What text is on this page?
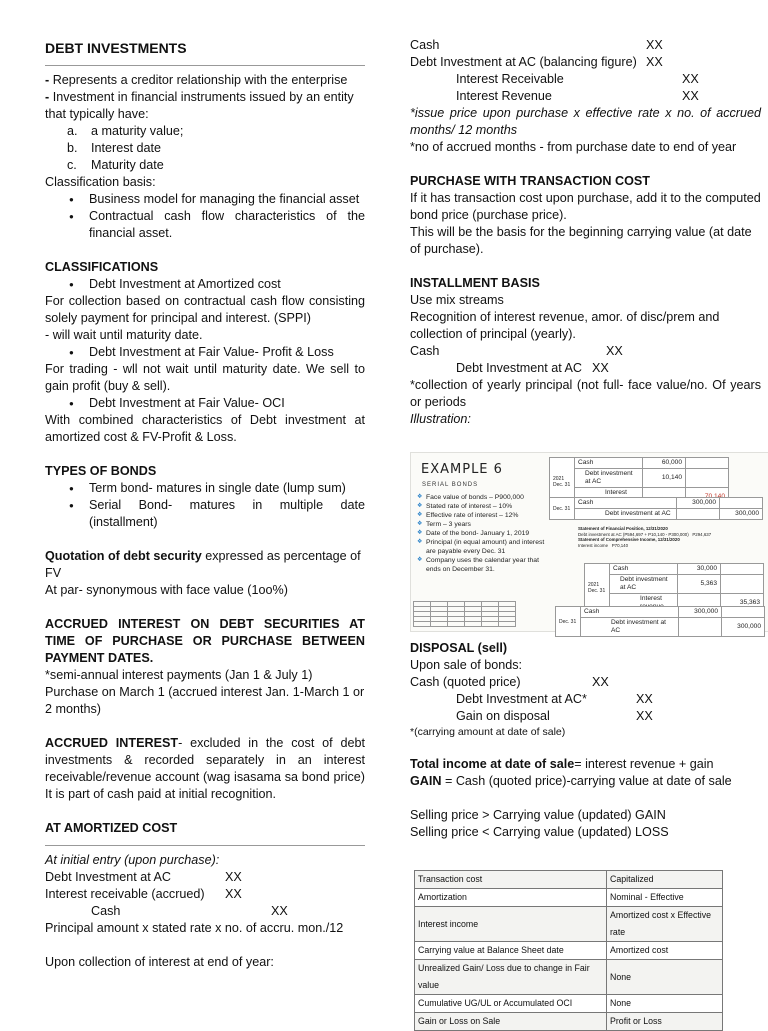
DEBT INVESTMENTS

- Represents a creditor relationship with the enterprise

- Investment in financial instruments issued by an entity that typically have:

a. a maturity value;
b. Interest date
c. Maturity date

Classification basis:

● Business model for managing the financial asset
● Contractual cash flow characteristics of the financial asset.

CLASSIFICATIONS

● Debt Investment at Amortized cost

For collection based on contractual cash flow consisting solely payment for principal and interest. (SPPI)

- will wait until maturity date.

● Debt Investment at Fair Value- Profit & Loss

For trading - wll not wait until maturity date. We sell to gain profit (buy & sell).

● Debt Investment at Fair Value- OCI

With combined characteristics of Debt investment at amortized cost & FV-Profit & Loss.

TYPES OF BONDS

● Term bond- matures in single date (lump sum)
● Serial Bond- matures in multiple date (installment)

Quotation of debt security expressed as percentage of FV

At par- synonymous with face value (1oo%)

ACCRUED INTEREST ON DEBT SECURITIES AT TIME OF PURCHASE OR PURCHASE BETWEEN PAYMENT DATES.

*semi-annual interest payments (Jan 1 & July 1)

Purchase on March 1 (accrued interest Jan. 1-March 1 or 2 months)

ACCRUED INTEREST- excluded in the cost of debt investments & recorded separately in an interest receivable/revenue account (wag isasama sa bond price) It is part of cash paid at initial recognition.

AT AMORTIZED COST

At initial entry (upon purchase):

Debt Investment at AC	XX
Interest receivable (accrued)	XX
Cash	XX

Principal amount x stated rate x no. of accru. mon./12

Upon collection of interest at end of year:

Cash	XX
Debt Investment at AC (balancing figure) XX
Interest Receivable	XX
Interest Revenue	XX

*issue price upon purchase x effective rate x no. of accrued months/ 12 months

*no of accrued months - from purchase date to end of year

PURCHASE WITH TRANSACTION COST

If it has transaction cost upon purchase, add it to the computed bond price (purchase price).

This will be the basis for the beginning carrying value (at date of purchase).

INSTALLMENT BASIS

Use mix streams

Recognition of interest revenue, amor. of disc/prem and collection of principal (yearly).

Cash	XX
Debt Investment at AC XX

*collection of yearly principal (not full- face value/no. Of years or periods

Illustration:

DISPOSAL (sell)

Upon sale of bonds:

Cash (quoted price)	XX
Debt Investment at AC*	XX
Gain on disposal	XX

*(carrying amount at date of sale)

Total income at date of sale= interest revenue + gain

GAIN = Cash (quoted price)-carrying value at date of sale

Selling price > Carrying value (updated) GAIN

Selling price < Carrying value (updated) LOSS

EXAMPLE 6
SERIAL BONDS
❖ Face value of bonds – P900,000
❖ Stated rate of interest – 10%
❖ Effective rate of interest – 12%
❖ Term – 3 years
❖ Date of the bond- January 1, 2019
❖ Principal (in equal amount) and interest are payable every Dec. 31
❖ Company uses the calendar year that ends on December 31.

2021 Dec. 31	Cash	60,000	
	Debt investment at AC	10,140	
	Interest		
Dec. 31	Cash	300,000	
	Debt investment at AC		300,000
Statement of Financial Position, 12/31/2020
Debt investment at AC (P594,697 + P10,140 - P300,000) P294,637
Statement of Comprehensive Income, 12/31/2020
Interest income P70,140
2021 Dec. 31	Cash	30,000	
	Debt investment at AC	5,363	
	Interest		35,363
Dec. 31	Cash	300,000	
	Debt investment at AC		300,000
Transaction cost	Capitalized
Amortization	Nominal - Effective
Interest income	Amortized cost x Effective rate
Carrying value at Balance Sheet date	Amortized cost
Unrealized Gain/ Loss due to change in Fair value	None
Cumulative UG/UL or Accumulated OCI	None
Gain or Loss on Sale	Profit or Loss
